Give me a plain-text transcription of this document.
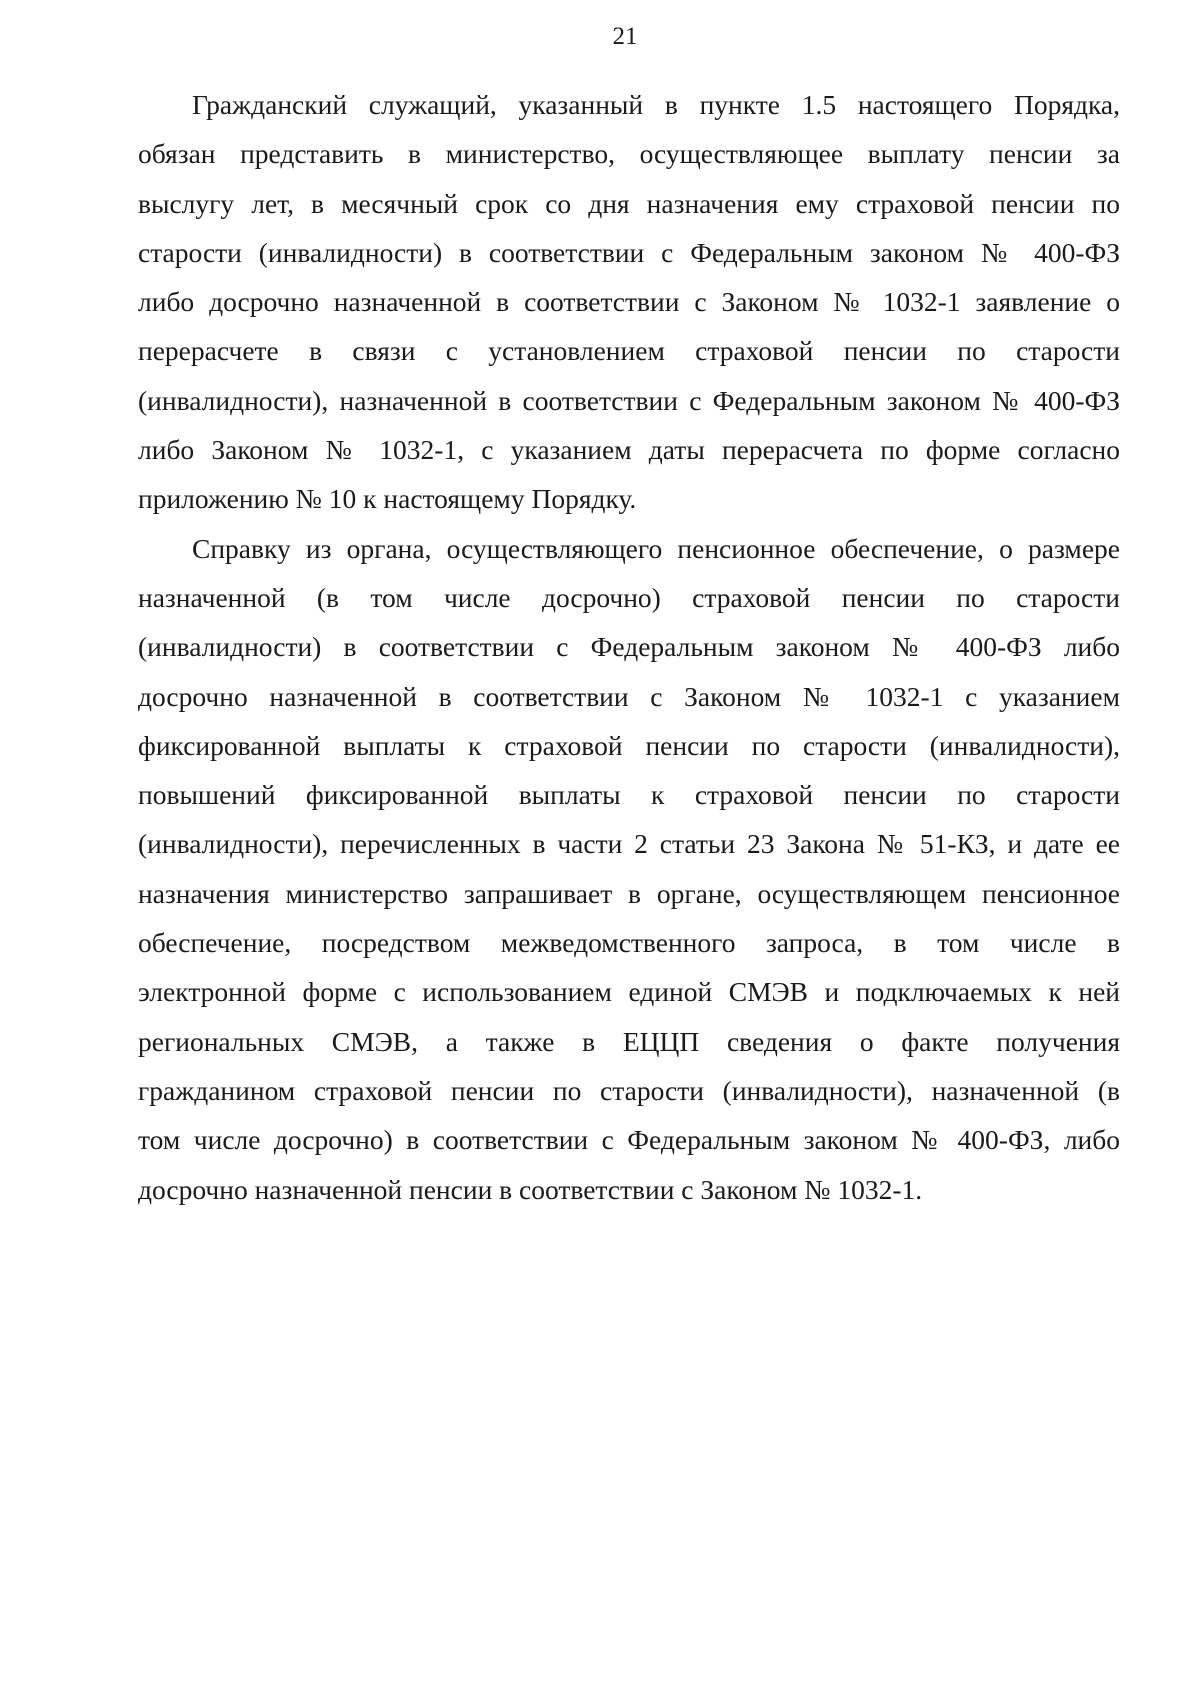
21

Гражданский служащий, указанный в пункте 1.5 настоящего Порядка,
обязан представить в министерство, осуществляющее выплату пенсии за
выслугу лет, в месячный срок со дня назначения ему страховой пенсии по
старости (инвалидности) в соответствии с Федеральным законом № 400-ФЗ
либо досрочно назначенной в соответствии с Законом № 1032-1 заявление о
перерасчете в связи с установлением страховой пенсии по старости
(инвалидности), назначенной в соответствии с Федеральным законом № 400-ФЗ
либо Законом № 1032-1, с указанием даты перерасчета по форме согласно
приложению № 10 к настоящему Порядку.

Справку из органа, осуществляющего пенсионное обеспечение, о размере
назначенной (в том числе досрочно) страховой пенсии по старости
(инвалидности) в соответствии с Федеральным законом № 400-ФЗ либо
досрочно назначенной в соответствии с Законом № 1032-1 с указанием
фиксированной выплаты к страховой пенсии по старости (инвалидности),
повышений фиксированной выплаты к страховой пенсии по старости
(инвалидности), перечисленных в части 2 статьи 23 Закона № 51-КЗ, и дате ее
назначения министерство запрашивает в органе, осуществляющем пенсионное
обеспечение, посредством межведомственного запроса, в том числе в
электронной форме с использованием единой СМЭВ и подключаемых к ней
региональных СМЭВ, а также в ЕЦЦП сведения о факте получения
гражданином страховой пенсии по старости (инвалидности), назначенной (в
том числе досрочно) в соответствии с Федеральным законом № 400-ФЗ, либо
досрочно назначенной пенсии в соответствии с Законом № 1032-1.
